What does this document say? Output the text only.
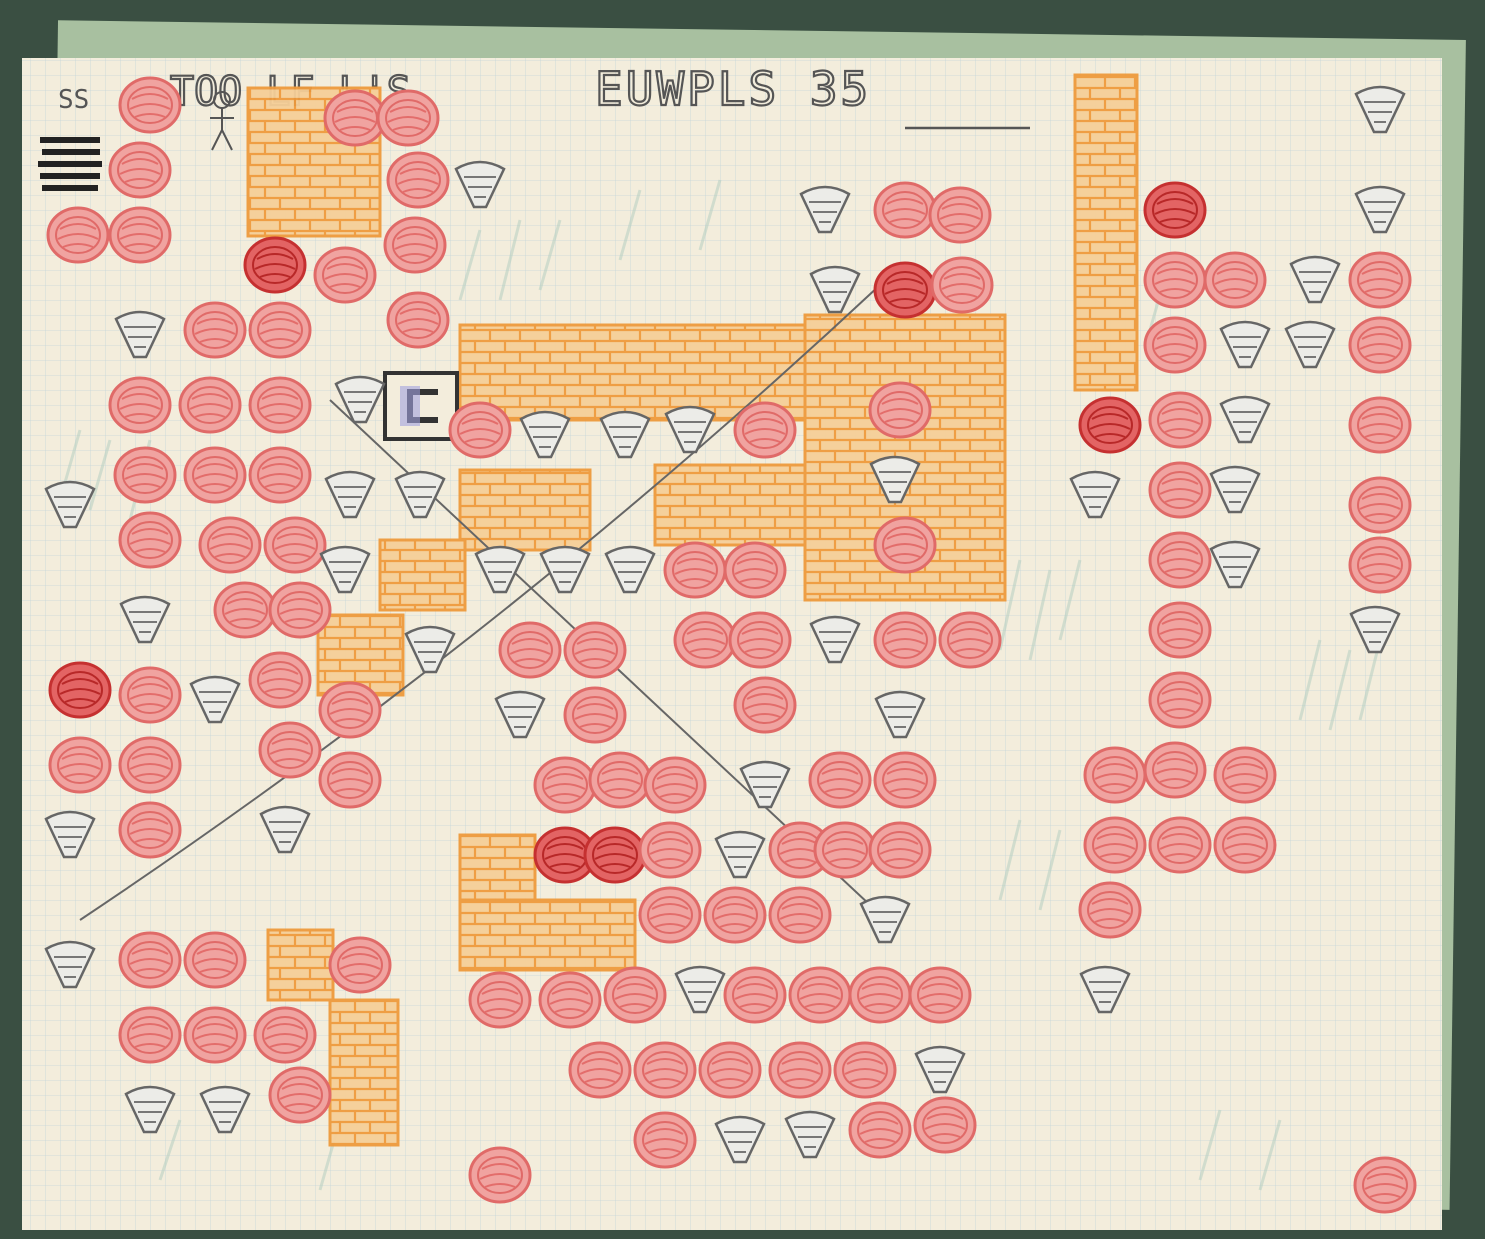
TOO	EUWPLS 35
SS
